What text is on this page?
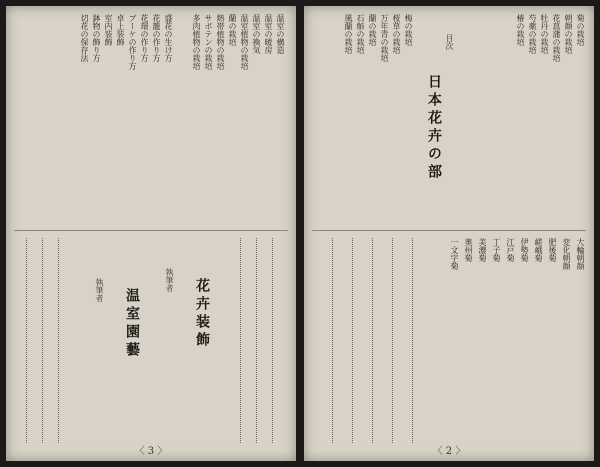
温室の構造
温室の暖房
温室の換気
温室植物の栽培
蘭の栽培
熱帯植物の栽培
サボテンの栽培
多肉植物の栽培
盛花の生け方
花籠の作り方
花環の作り方
ブーケの作り方
卓上装飾
室内装飾
鉢物の飾り方
切花の保存法
花卉装飾
執筆者
温室園藝
執筆者
〈 3 〉
日本花卉の部
目次	菊の栽培
朝顔の栽培
花菖蒲の栽培
牡丹の栽培
芍薬の栽培
椿の栽培
梅の栽培
桜草の栽培
万年青の栽培
蘭の栽培
石斛の栽培
風蘭の栽培
大輪朝顔
変化朝顔
肥後菊
嵯峨菊
伊勢菊
江戸菊
丁子菊
美濃菊
奥州菊
一文字菊
〈 2 〉
